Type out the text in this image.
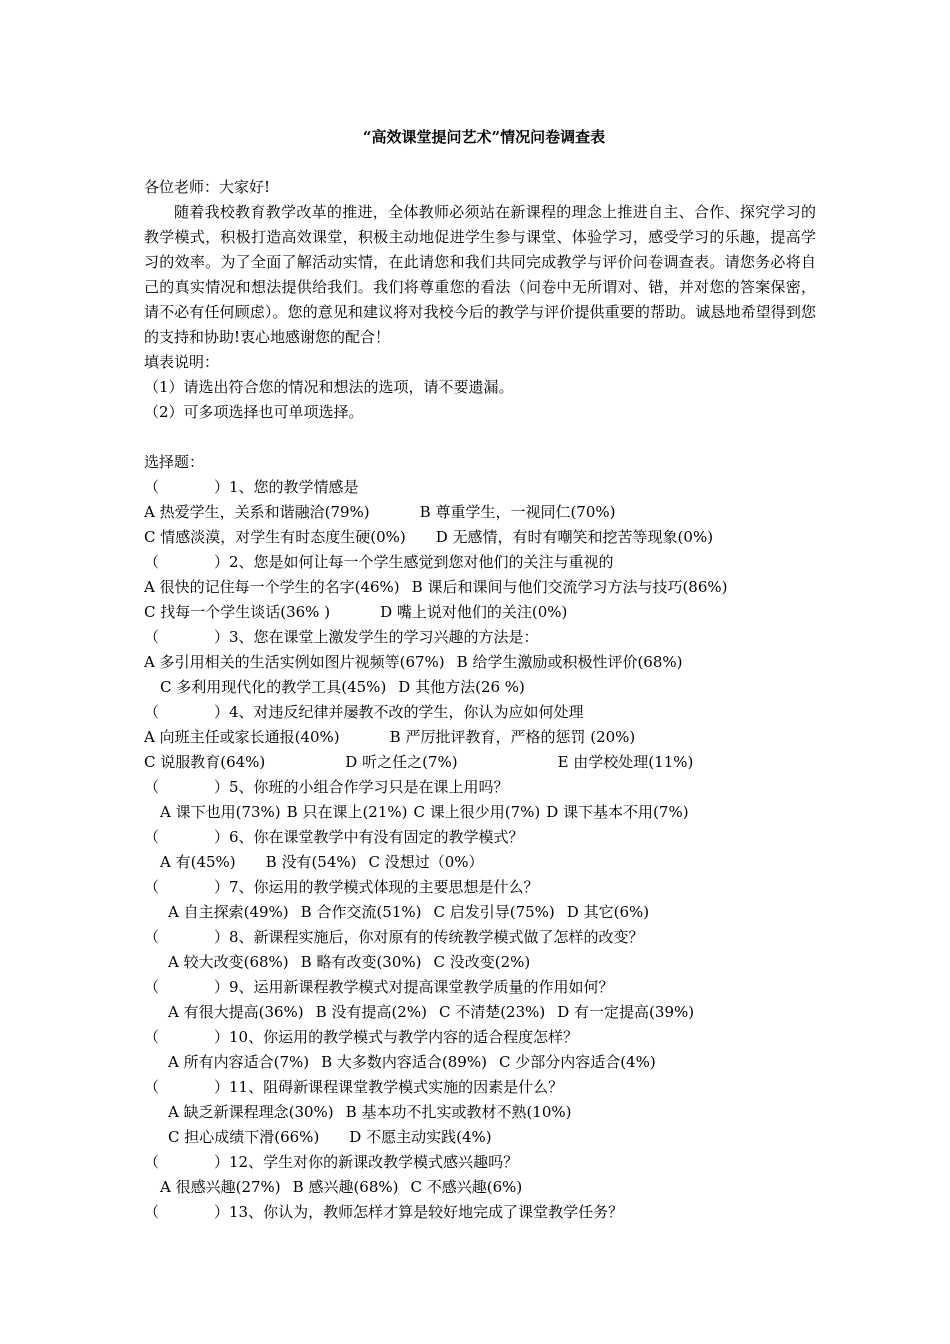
“高效课堂提问艺术”情况问卷调查表
各位老师：大家好!
随着我校教育教学改革的推进，全体教师必须站在新课程的理念上推进自主、合作、探究学习的教学模式，积极打造高效课堂，积极主动地促进学生参与课堂、体验学习，感受学习的乐趣，提高学习的效率。为了全面了解活动实情，在此请您和我们共同完成教学与评价问卷调查表。请您务必将自己的真实情况和想法提供给我们。我们将尊重您的看法（问卷中无所谓对、错，并对您的答案保密，请不必有任何顾虑）。您的意见和建议将对我校今后的教学与评价提供重要的帮助。诚恳地希望得到您的支持和协助!衷心地感谢您的配合！
填表说明：
（1）请选出符合您的情况和想法的选项，请不要遗漏。
（2）可多项选择也可单项选择。
选择题：
（	）1、您的教学情感是
A 热爱学生，关系和谐融洽(79%)	B 尊重学生，一视同仁(70%)
C 情感淡漠，对学生有时态度生硬(0%) D 无感情，有时有嘲笑和挖苦等现象(0%)
（	）2、您是如何让每一个学生感觉到您对他们的关注与重视的
A 很快的记住每一个学生的名字(46%) B 课后和课间与他们交流学习方法与技巧(86%)
C 找每一个学生谈话(36% )	D 嘴上说对他们的关注(0%)
（	）3、您在课堂上激发学生的学习兴趣的方法是：
A 多引用相关的生活实例如图片视频等(67%) B 给学生激励或积极性评价(68%)
C 多利用现代化的教学工具(45%) D 其他方法(26 %)
（	）4、对违反纪律并屡教不改的学生，你认为应如何处理
A 向班主任或家长通报(40%)	B 严厉批评教育，严格的惩罚 (20%)
C 说服教育(64%)	D 听之任之(7%)	E 由学校处理(11%)
（	）5、你班的小组合作学习只是在课上用吗？
A 课下也用(73%) B 只在课上(21%) C 课上很少用(7%) D 课下基本不用(7%)
（	）6、你在课堂教学中有没有固定的教学模式？
A 有(45%) B 没有(54%) C 没想过（0%）
（	）7、你运用的教学模式体现的主要思想是什么？
A 自主探索(49%) B 合作交流(51%) C 启发引导(75%) D 其它(6%)
（	）8、新课程实施后，你对原有的传统教学模式做了怎样的改变？
A 较大改变(68%) B 略有改变(30%) C 没改变(2%)
（	）9、运用新课程教学模式对提高课堂教学质量的作用如何？
A 有很大提高(36%) B 没有提高(2%) C 不清楚(23%) D 有一定提高(39%)
（	）10、你运用的教学模式与教学内容的适合程度怎样？
A 所有内容适合(7%) B 大多数内容适合(89%) C 少部分内容适合(4%)
（	）11、阻碍新课程课堂教学模式实施的因素是什么？
A 缺乏新课程理念(30%) B 基本功不扎实或教材不熟(10%)
C 担心成绩下滑(66%) D 不愿主动实践(4%)
（	）12、学生对你的新课改教学模式感兴趣吗？
A 很感兴趣(27%) B 感兴趣(68%) C 不感兴趣(6%)
（	）13、你认为，教师怎样才算是较好地完成了课堂教学任务？
